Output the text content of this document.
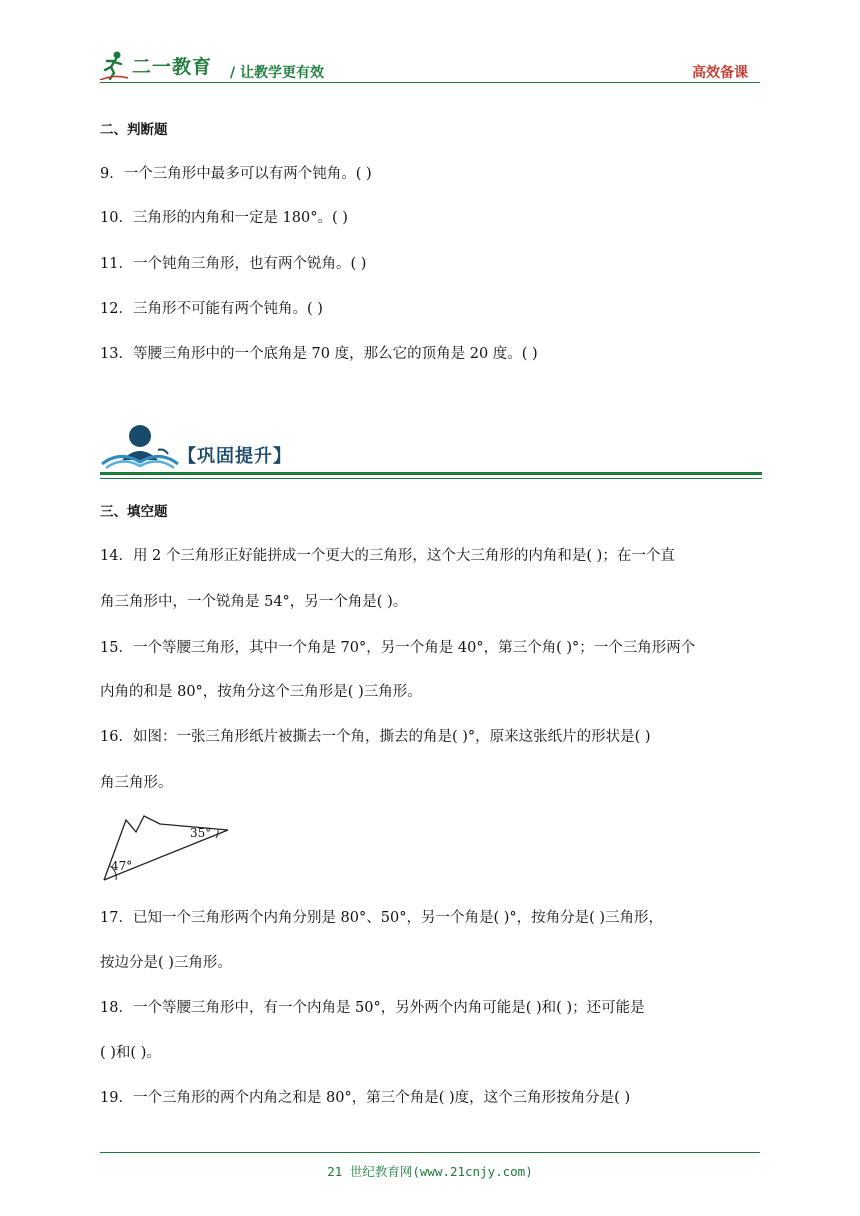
二一教育 / 让教学更有效	高效备课
二、判断题
9．一个三角形中最多可以有两个钝角。( )
10．三角形的内角和一定是 180°。( )
11．一个钝角三角形，也有两个锐角。( )
12．三角形不可能有两个钝角。( )
13．等腰三角形中的一个底角是 70 度，那么它的顶角是 20 度。( )
【巩固提升】
三、填空题
14．用 2 个三角形正好能拼成一个更大的三角形，这个大三角形的内角和是( )；在一个直
角三角形中，一个锐角是 54°，另一个角是( )。
15．一个等腰三角形，其中一个角是 70°，另一个角是 40°，第三个角( )°；一个三角形两个
内角的和是 80°，按角分这个三角形是( )三角形。
16．如图：一张三角形纸片被撕去一个角，撕去的角是( )°，原来这张纸片的形状是( )
角三角形。
35°
47°
17．已知一个三角形两个内角分别是 80°、50°，另一个角是( )°，按角分是( )三角形，
按边分是( )三角形。
18．一个等腰三角形中，有一个内角是 50°，另外两个内角可能是( )和( )；还可能是
( )和( )。
19．一个三角形的两个内角之和是 80°，第三个角是( )度，这个三角形按角分是( )
21 世纪教育网(www.21cnjy.com)
